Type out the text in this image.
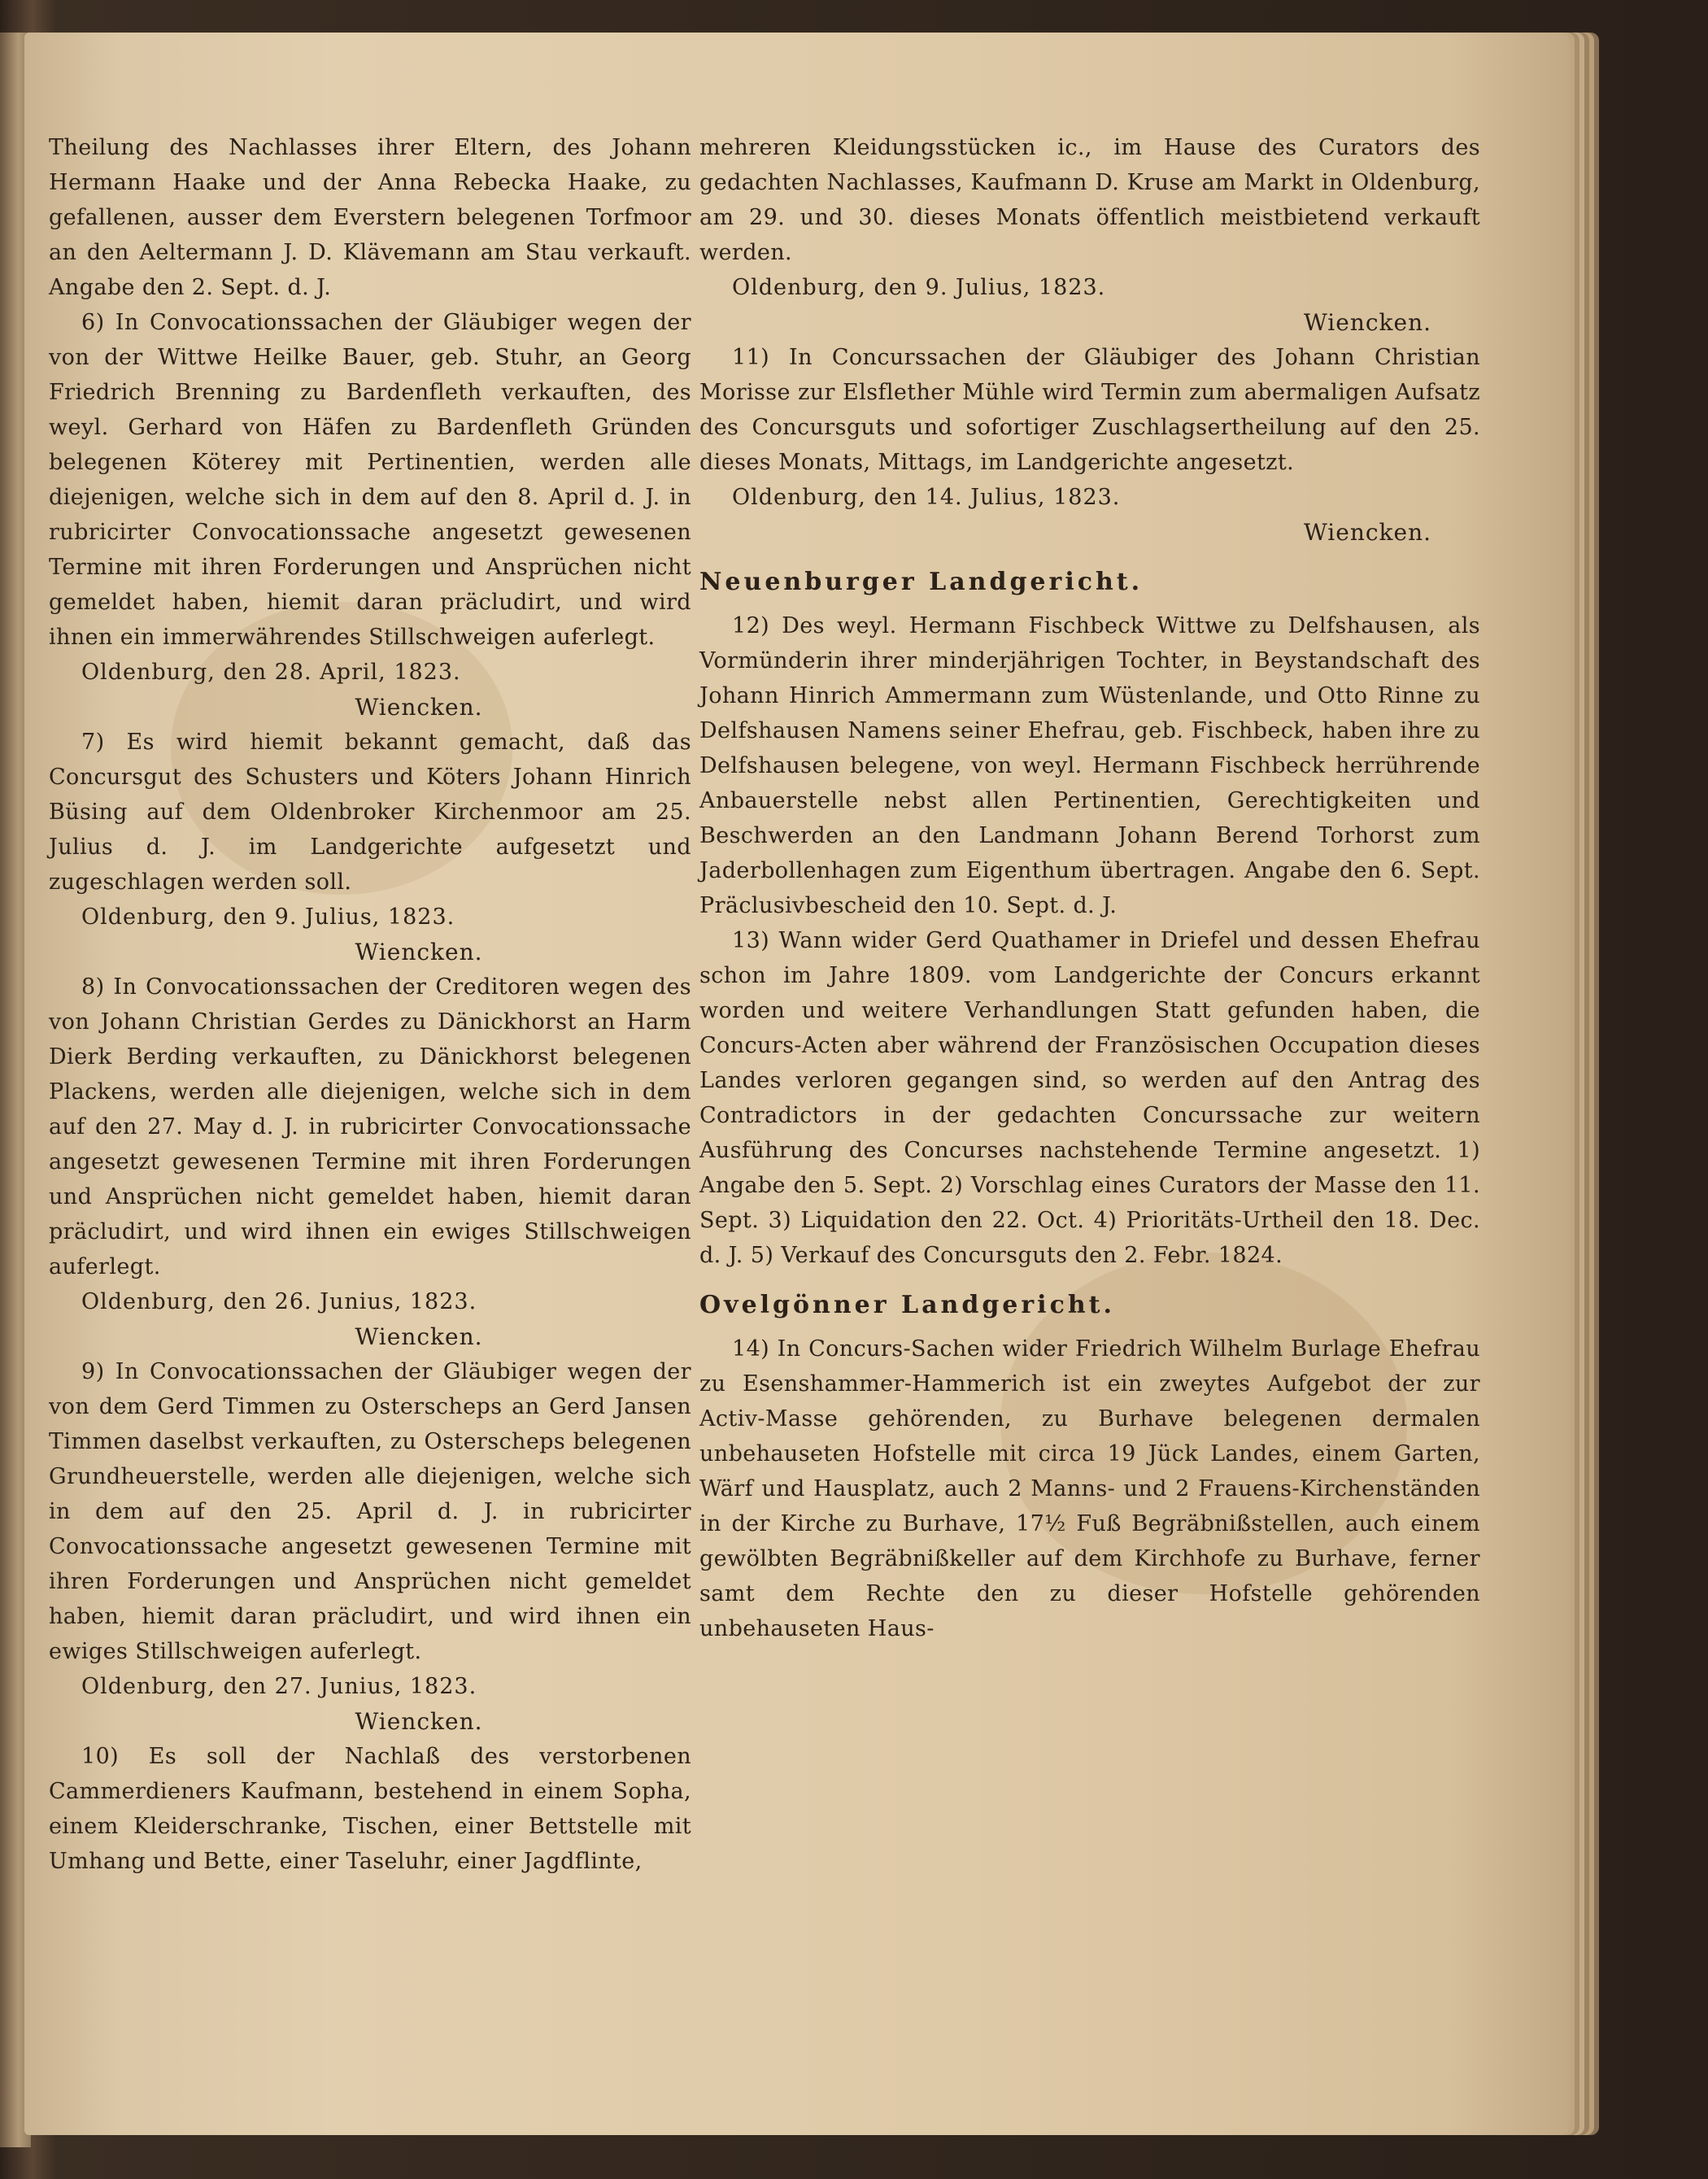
Theilung des Nachlasses ihrer Eltern, des Johann Hermann Haake und der Anna Rebecka Haake, zu gefallenen, ausser dem Everstern belegenen Torfmoor an den Aeltermann J. D. Klävemann am Stau verkauft. Angabe den 2. Sept. d. J.

6) In Convocationssachen der Gläubiger wegen der von der Wittwe Heilke Bauer, geb. Stuhr, an Georg Friedrich Brenning zu Bardenfleth verkauften, des weyl. Gerhard von Häfen zu Bardenfleth Gründen belegenen Köterey mit Pertinentien, werden alle diejenigen, welche sich in dem auf den 8. April d. J. in rubricirter Convocationssache angesetzt gewesenen Termine mit ihren Forderungen und Ansprüchen nicht gemeldet haben, hiemit daran präcludirt, und wird ihnen ein immerwährendes Stillschweigen auferlegt.

Oldenburg, den 28. April, 1823.

Wiencken.

7) Es wird hiemit bekannt gemacht, daß das Concursgut des Schusters und Köters Johann Hinrich Büsing auf dem Oldenbroker Kirchenmoor am 25. Julius d. J. im Landgerichte aufgesetzt und zugeschlagen werden soll.

Oldenburg, den 9. Julius, 1823.

Wiencken.

8) In Convocationssachen der Creditoren wegen des von Johann Christian Gerdes zu Dänickhorst an Harm Dierk Berding verkauften, zu Dänickhorst belegenen Plackens, werden alle diejenigen, welche sich in dem auf den 27. May d. J. in rubricirter Convocationssache angesetzt gewesenen Termine mit ihren Forderungen und Ansprüchen nicht gemeldet haben, hiemit daran präcludirt, und wird ihnen ein ewiges Stillschweigen auferlegt.

Oldenburg, den 26. Junius, 1823.

Wiencken.

9) In Convocationssachen der Gläubiger wegen der von dem Gerd Timmen zu Osterscheps an Gerd Jansen Timmen daselbst verkauften, zu Osterscheps belegenen Grundheuerstelle, werden alle diejenigen, welche sich in dem auf den 25. April d. J. in rubricirter Convocationssache angesetzt gewesenen Termine mit ihren Forderungen und Ansprüchen nicht gemeldet haben, hiemit daran präcludirt, und wird ihnen ein ewiges Stillschweigen auferlegt.

Oldenburg, den 27. Junius, 1823.

Wiencken.

10) Es soll der Nachlaß des verstorbenen Cammerdieners Kaufmann, bestehend in einem Sopha, einem Kleiderschranke, Tischen, einer Bettstelle mit Umhang und Bette, einer Taseluhr, einer Jagdflinte,

mehreren Kleidungsstücken ic., im Hause des Curators des gedachten Nachlasses, Kaufmann D. Kruse am Markt in Oldenburg, am 29. und 30. dieses Monats öffentlich meistbietend verkauft werden.

Oldenburg, den 9. Julius, 1823.

Wiencken.

11) In Concurssachen der Gläubiger des Johann Christian Morisse zur Elsflether Mühle wird Termin zum abermaligen Aufsatz des Concursguts und sofortiger Zuschlagsertheilung auf den 25. dieses Monats, Mittags, im Landgerichte angesetzt.

Oldenburg, den 14. Julius, 1823.

Wiencken.

Neuenburger Landgericht.

12) Des weyl. Hermann Fischbeck Wittwe zu Delfshausen, als Vormünderin ihrer minderjährigen Tochter, in Beystandschaft des Johann Hinrich Ammermann zum Wüstenlande, und Otto Rinne zu Delfshausen Namens seiner Ehefrau, geb. Fischbeck, haben ihre zu Delfshausen belegene, von weyl. Hermann Fischbeck herrührende Anbauerstelle nebst allen Pertinentien, Gerechtigkeiten und Beschwerden an den Landmann Johann Berend Torhorst zum Jaderbollenhagen zum Eigenthum übertragen. Angabe den 6. Sept. Präclusivbescheid den 10. Sept. d. J.

13) Wann wider Gerd Quathamer in Driefel und dessen Ehefrau schon im Jahre 1809. vom Landgerichte der Concurs erkannt worden und weitere Verhandlungen Statt gefunden haben, die Concurs-Acten aber während der Französischen Occupation dieses Landes verloren gegangen sind, so werden auf den Antrag des Contradictors in der gedachten Concurssache zur weitern Ausführung des Concurses nachstehende Termine angesetzt. 1) Angabe den 5. Sept. 2) Vorschlag eines Curators der Masse den 11. Sept. 3) Liquidation den 22. Oct. 4) Prioritäts-Urtheil den 18. Dec. d. J. 5) Verkauf des Concursguts den 2. Febr. 1824.

Ovelgönner Landgericht.

14) In Concurs-Sachen wider Friedrich Wilhelm Burlage Ehefrau zu Esenshammer-Hammerich ist ein zweytes Aufgebot der zur Activ-Masse gehörenden, zu Burhave belegenen dermalen unbehauseten Hofstelle mit circa 19 Jück Landes, einem Garten, Wärf und Hausplatz, auch 2 Manns- und 2 Frauens-Kirchenständen in der Kirche zu Burhave, 17½ Fuß Begräbnißstellen, auch einem gewölbten Begräbnißkeller auf dem Kirchhofe zu Burhave, ferner samt dem Rechte den zu dieser Hofstelle gehörenden unbehauseten Haus-
